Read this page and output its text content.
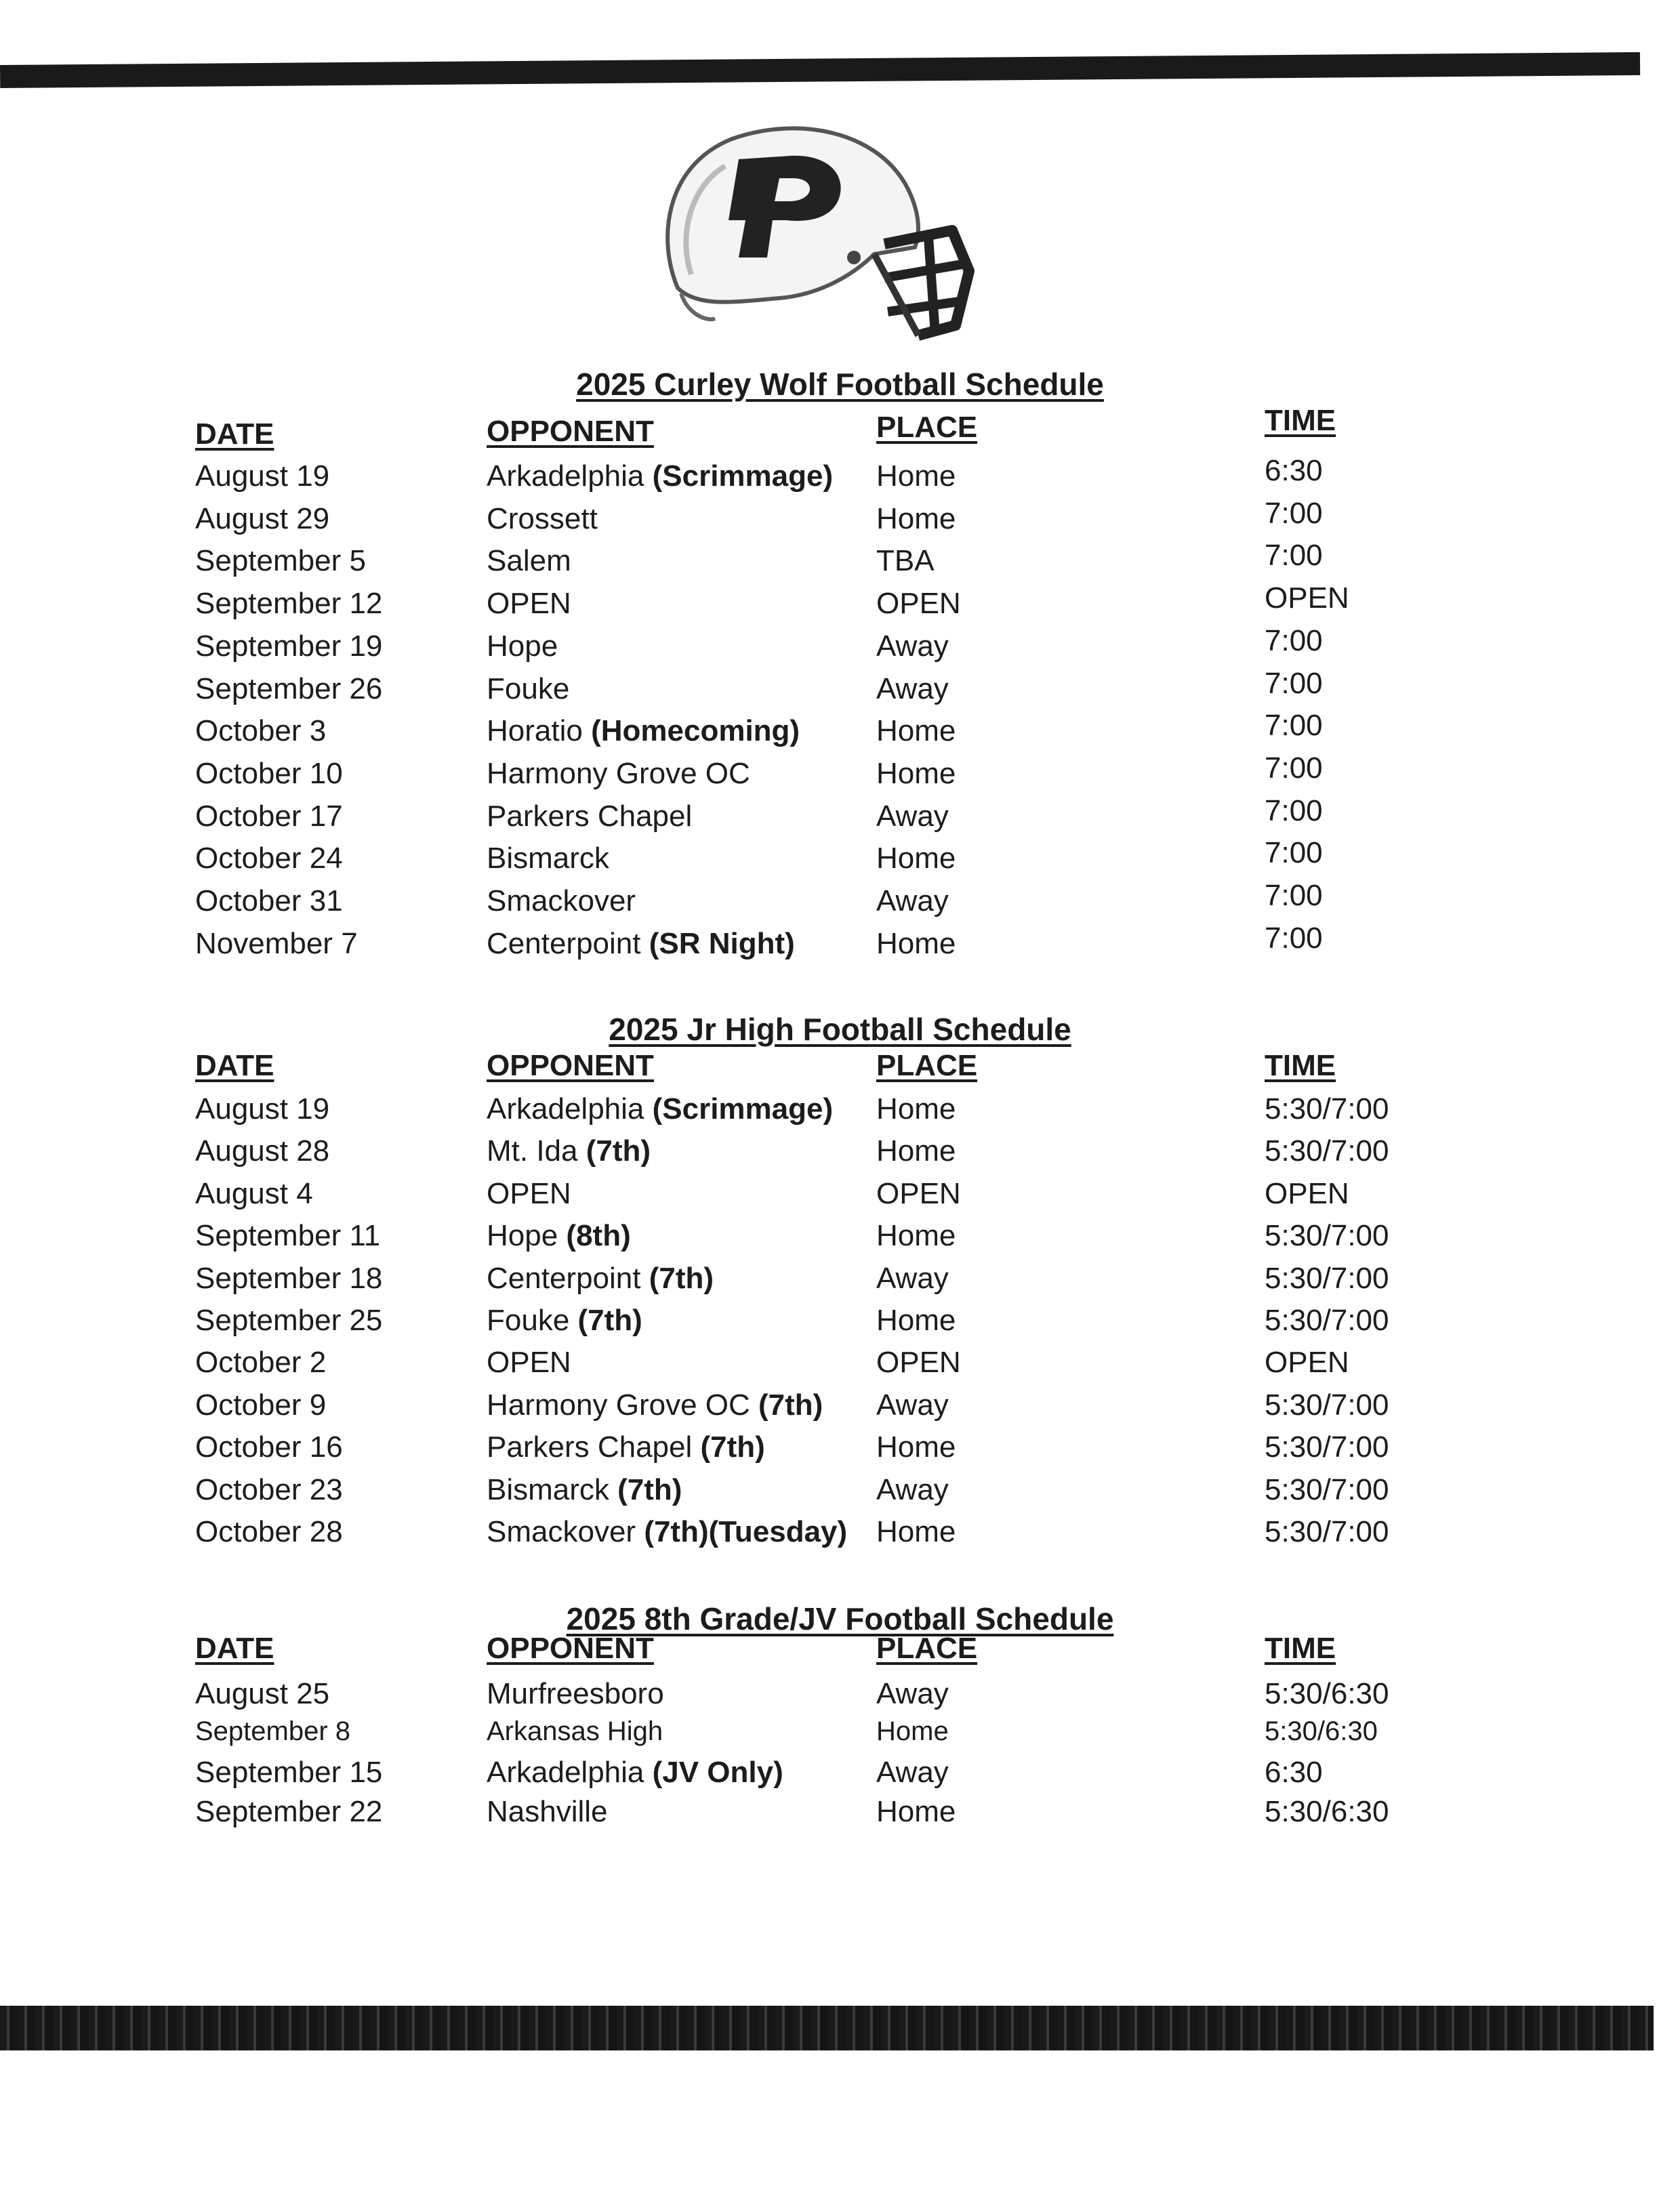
2025 Curley Wolf Football Schedule
DATE	OPPONENT	PLACE	TIME
August 19	Arkadelphia (Scrimmage) Home	6:30
August 29	Crossett	Home	7:00
September 5	Salem	TBA	7:00
September 12	OPEN	OPEN	OPEN
September 19	Hope	Away	7:00
September 26	Fouke	Away	7:00
October 3	Horatio (Homecoming)	Home	7:00
October 10	Harmony Grove OC	Home	7:00
October 17	Parkers Chapel	Away	7:00
October 24	Bismarck	Home	7:00
October 31	Smackover	Away	7:00
November 7	Centerpoint (SR Night)	Home	7:00
2025 Jr High Football Schedule
DATE	OPPONENT	PLACE	TIME
August 19	Arkadelphia (Scrimmage) Home	5:30/7:00
August 28	Mt. Ida (7th)	Home	5:30/7:00
August 4	OPEN	OPEN	OPEN
September 11	Hope (8th)	Home	5:30/7:00
September 18	Centerpoint (7th)	Away	5:30/7:00
September 25	Fouke (7th)	Home	5:30/7:00
October 2	OPEN	OPEN	OPEN
October 9	Harmony Grove OC (7th) Away	5:30/7:00
October 16	Parkers Chapel (7th)	Home	5:30/7:00
October 23	Bismarck (7th)	Away	5:30/7:00
October 28	Smackover (7th)(Tuesday) Home	5:30/7:00
2025 8th Grade/JV Football Schedule
DATE	OPPONENT	PLACE	TIME
August 25	Murfreesboro	Away	5:30/6:30
September 8	Arkansas High	Home	5:30/6:30
September 15	Arkadelphia (JV Only)	Away	6:30
September 22	Nashville	Home	5:30/6:30
